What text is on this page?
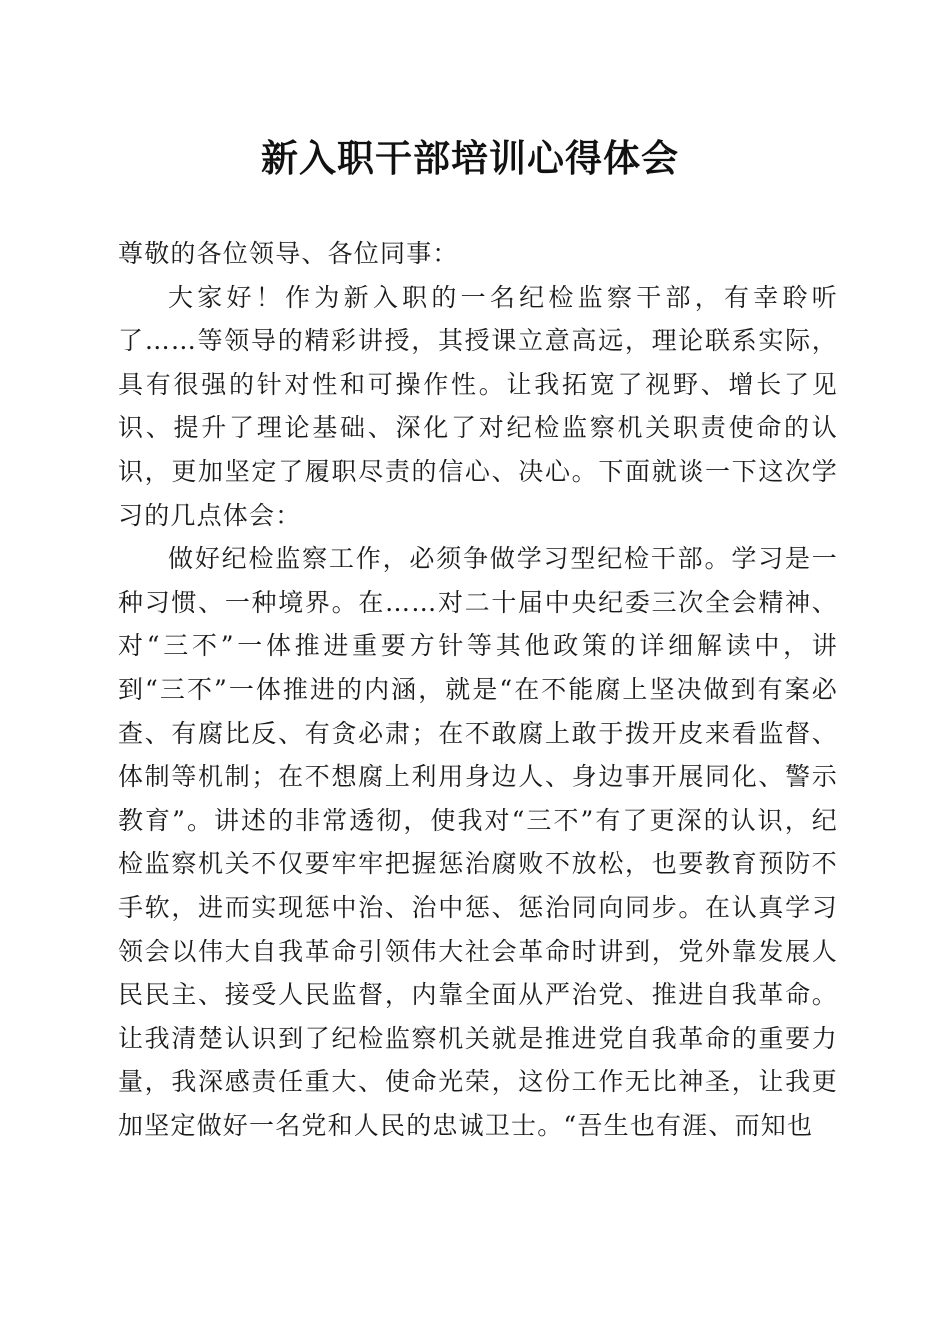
新入职干部培训心得体会

尊敬的各位领导、各位同事：

大家好！作为新入职的一名纪检监察干部，有幸聆听了……等领导的精彩讲授，其授课立意高远，理论联系实际，具有很强的针对性和可操作性。让我拓宽了视野、增长了见识、提升了理论基础、深化了对纪检监察机关职责使命的认识，更加坚定了履职尽责的信心、决心。下面就谈一下这次学习的几点体会：

做好纪检监察工作，必须争做学习型纪检干部。学习是一种习惯、一种境界。在……对二十届中央纪委三次全会精神、对“三不”一体推进重要方针等其他政策的详细解读中，讲到“三不”一体推进的内涵，就是“在不能腐上坚决做到有案必查、有腐比反、有贪必肃；在不敢腐上敢于拨开皮来看监督、体制等机制；在不想腐上利用身边人、身边事开展同化、警示教育”。讲述的非常透彻，使我对“三不”有了更深的认识，纪检监察机关不仅要牢牢把握惩治腐败不放松，也要教育预防不手软，进而实现惩中治、治中惩、惩治同向同步。在认真学习领会以伟大自我革命引领伟大社会革命时讲到，党外靠发展人民民主、接受人民监督，内靠全面从严治党、推进自我革命。让我清楚认识到了纪检监察机关就是推进党自我革命的重要力量，我深感责任重大、使命光荣，这份工作无比神圣，让我更加坚定做好一名党和人民的忠诚卫士。“吾生也有涯、而知也
